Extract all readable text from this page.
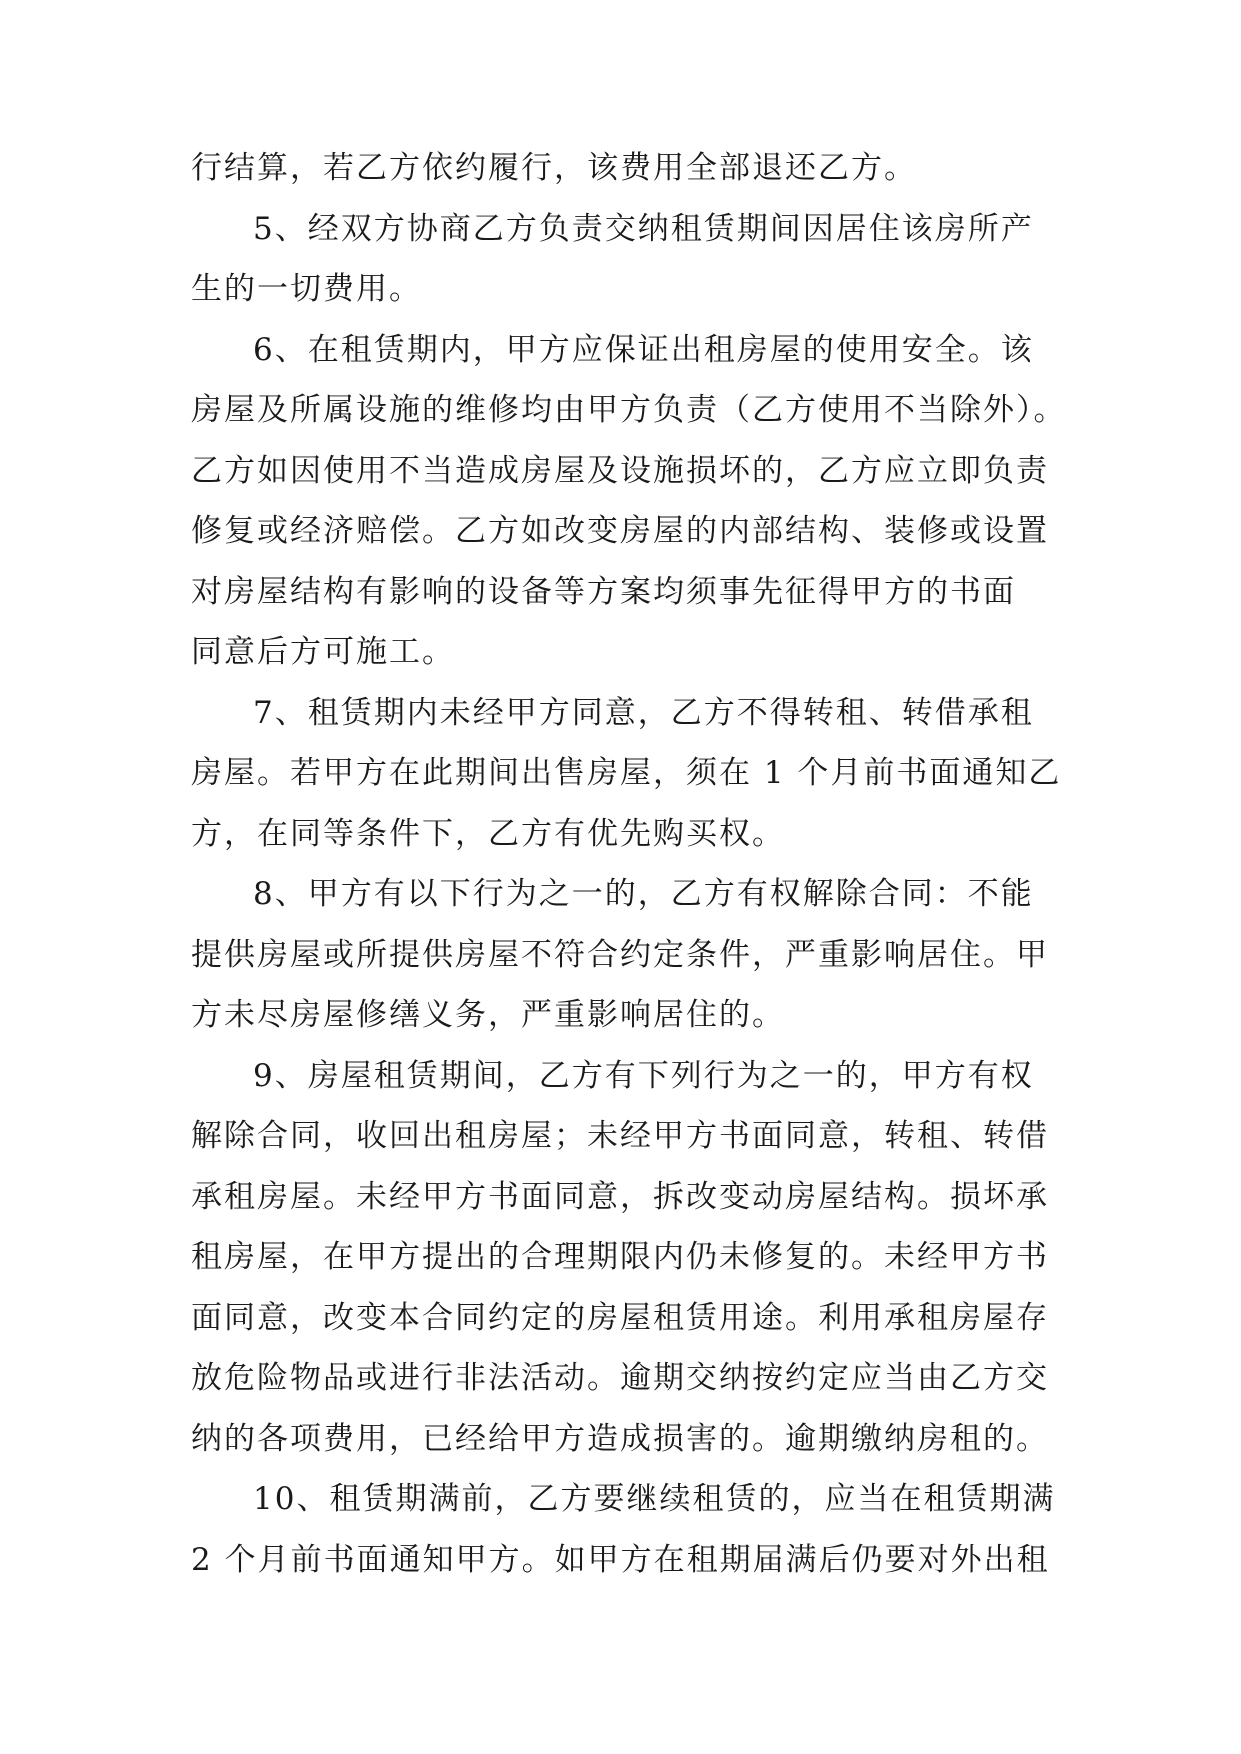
行结算，若乙方依约履行，该费用全部退还乙方。
5、经双方协商乙方负责交纳租赁期间因居住该房所产
生的一切费用。
6、在租赁期内，甲方应保证出租房屋的使用安全。该
房屋及所属设施的维修均由甲方负责（乙方使用不当除外）。
乙方如因使用不当造成房屋及设施损坏的，乙方应立即负责
修复或经济赔偿。乙方如改变房屋的内部结构、装修或设置
对房屋结构有影响的设备等方案均须事先征得甲方的书面
同意后方可施工。
7、租赁期内未经甲方同意，乙方不得转租、转借承租
房屋。若甲方在此期间出售房屋，须在 1 个月前书面通知乙
方，在同等条件下，乙方有优先购买权。
8、甲方有以下行为之一的，乙方有权解除合同：不能
提供房屋或所提供房屋不符合约定条件，严重影响居住。甲
方未尽房屋修缮义务，严重影响居住的。
9、房屋租赁期间，乙方有下列行为之一的，甲方有权
解除合同，收回出租房屋；未经甲方书面同意，转租、转借
承租房屋。未经甲方书面同意，拆改变动房屋结构。损坏承
租房屋，在甲方提出的合理期限内仍未修复的。未经甲方书
面同意，改变本合同约定的房屋租赁用途。利用承租房屋存
放危险物品或进行非法活动。逾期交纳按约定应当由乙方交
纳的各项费用，已经给甲方造成损害的。逾期缴纳房租的。
10、租赁期满前，乙方要继续租赁的，应当在租赁期满
2 个月前书面通知甲方。如甲方在租期届满后仍要对外出租
